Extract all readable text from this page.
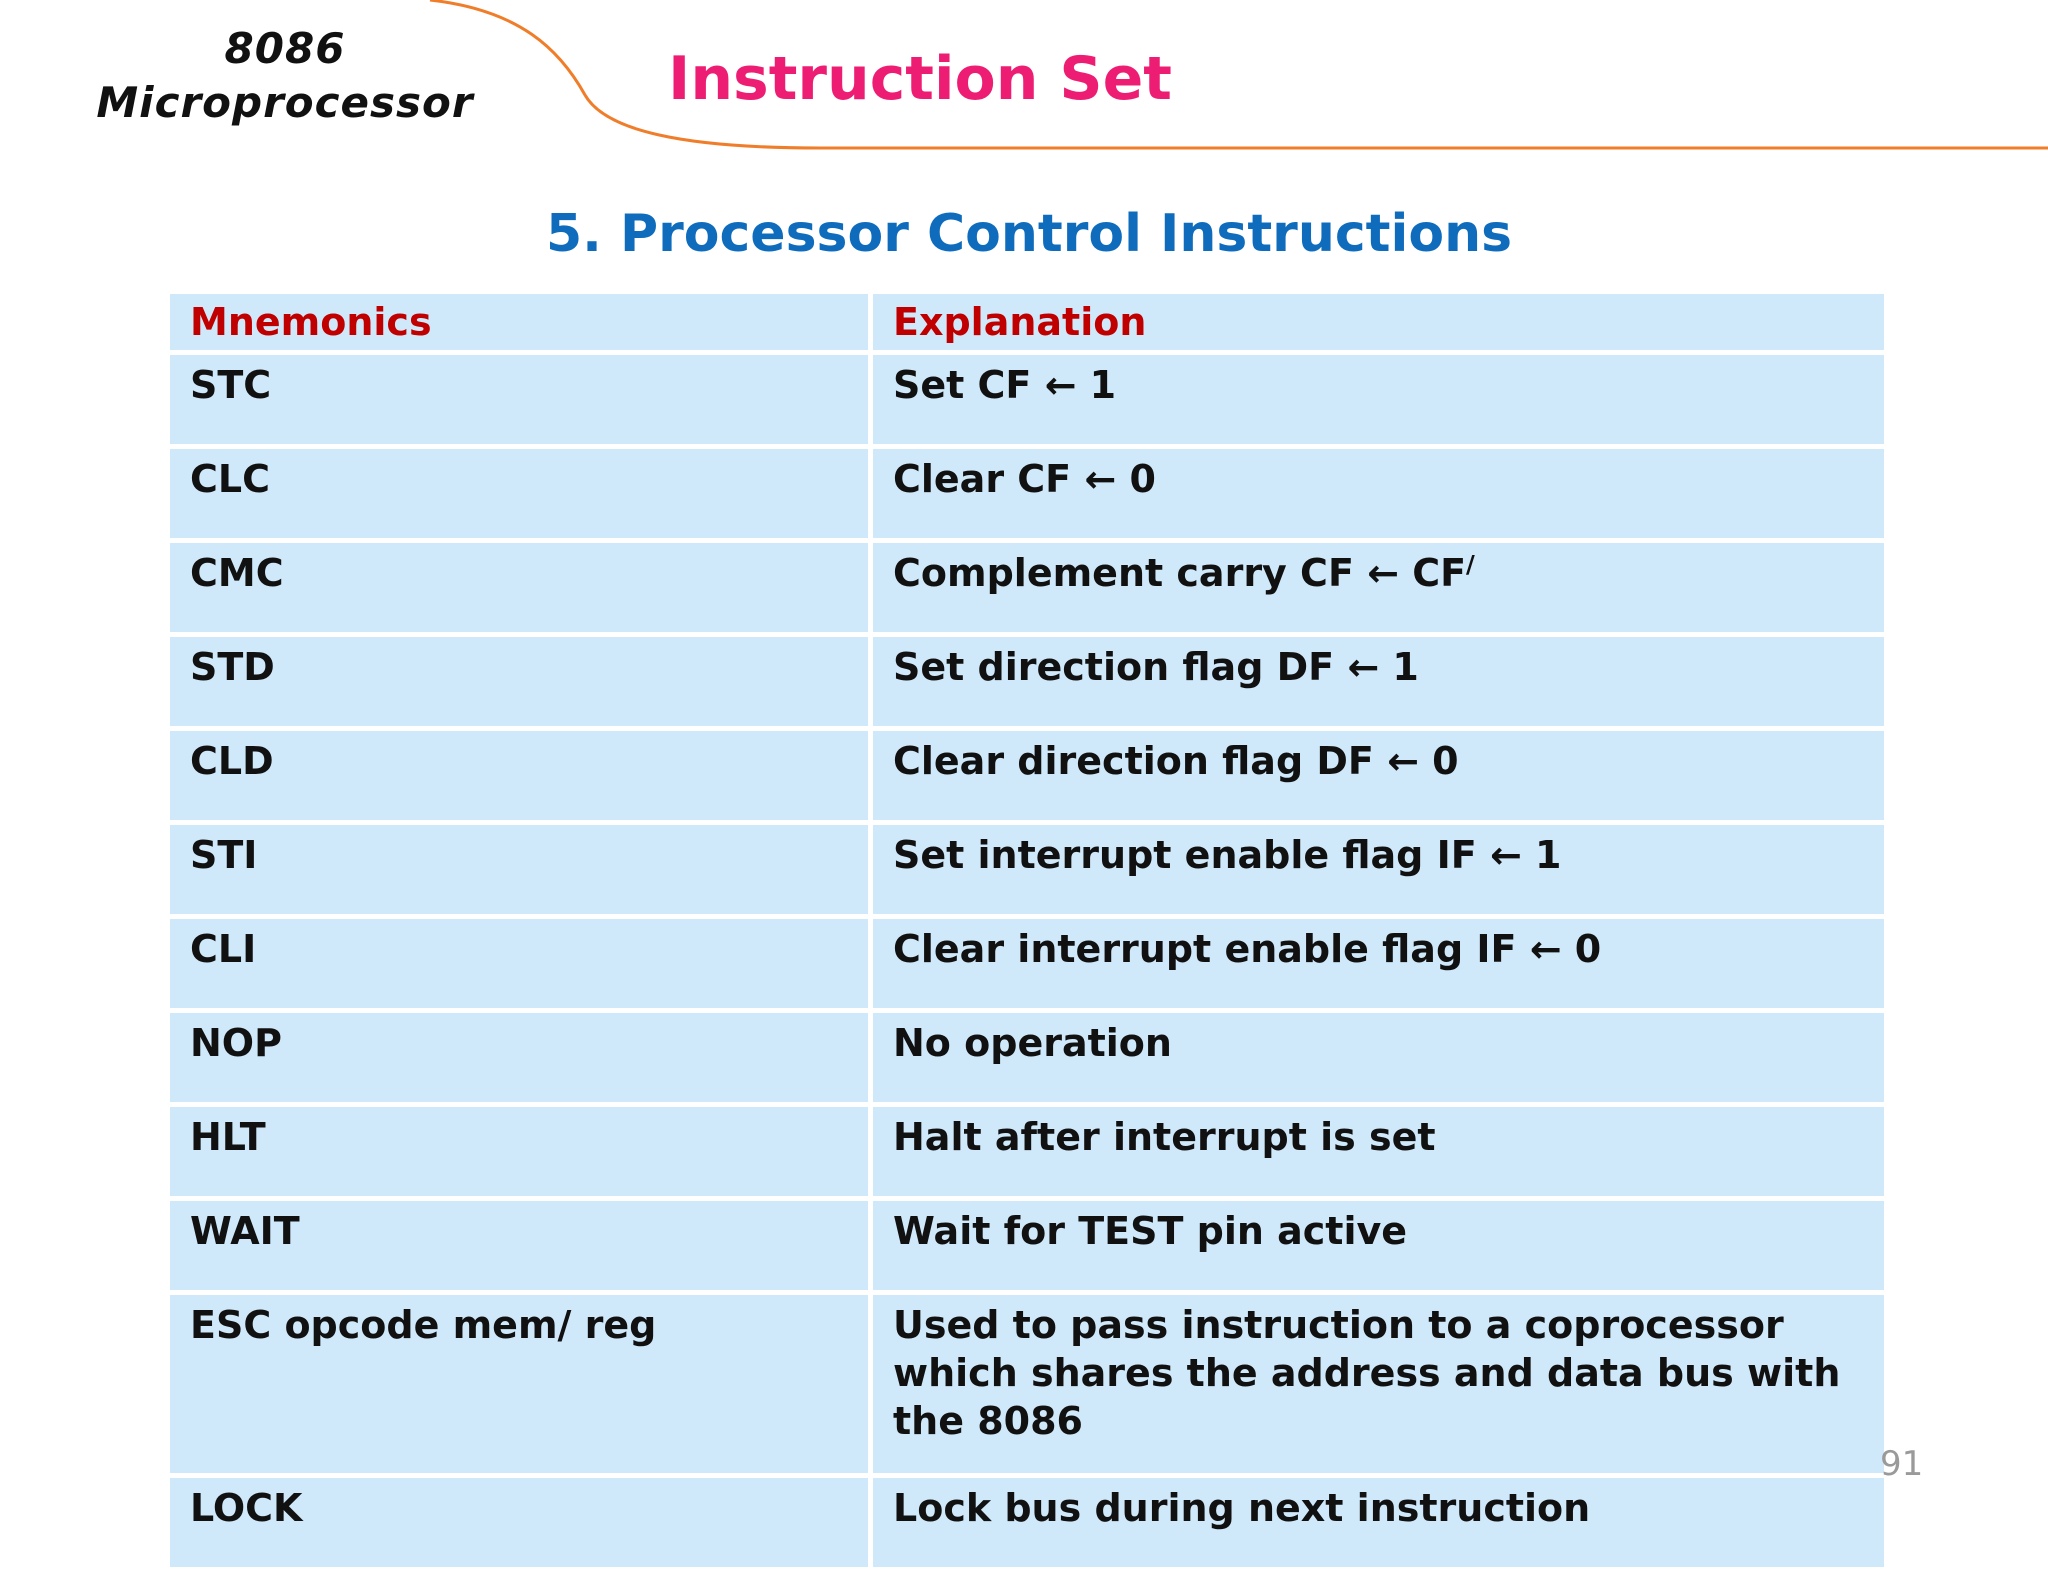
8086
Microprocessor	Instruction Set
5. Processor Control Instructions
Mnemonics	Explanation
STC	Set CF ← 1
CLC	Clear CF ← 0
CMC	Complement carry CF ← CF/
STD	Set direction flag DF ← 1
CLD	Clear direction flag DF ← 0
STI	Set interrupt enable flag IF ← 1
CLI	Clear interrupt enable flag IF ← 0
NOP	No operation
HLT	Halt after interrupt is set
WAIT	Wait for TEST pin active
ESC opcode mem/ reg	Used to pass instruction to a coprocessor which shares the address and data bus with the 8086
LOCK	Lock bus during next instruction
91
